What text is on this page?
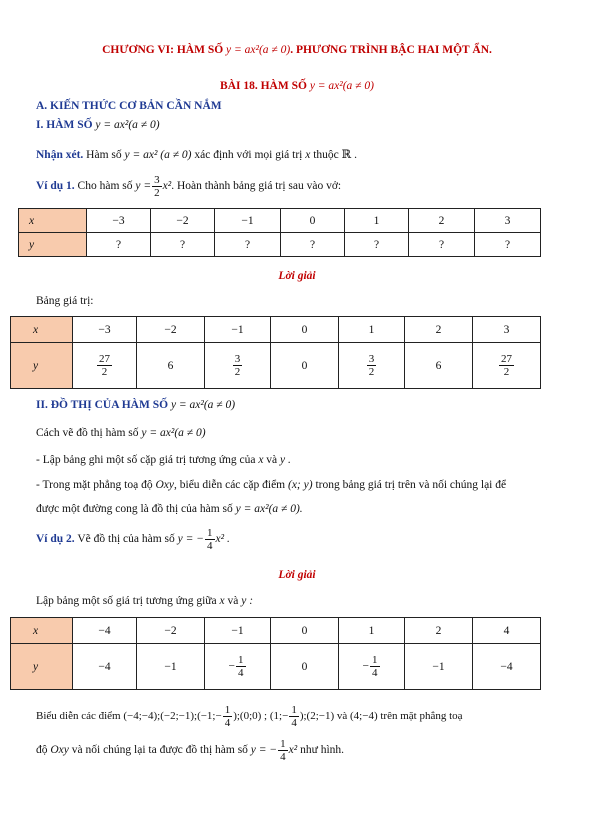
CHƯƠNG VI: HÀM SỐ y = ax²(a ≠ 0). PHƯƠNG TRÌNH BẬC HAI MỘT ẨN.
BÀI 18. HÀM SỐ y = ax²(a ≠ 0)
A. KIẾN THỨC CƠ BẢN CẦN NẮM
I. HÀM SỐ y = ax²(a ≠ 0)
Nhận xét. Hàm số y = ax² (a ≠ 0) xác định với mọi giá trị x thuộc ℝ .
Ví dụ 1. Cho hàm số $y = \frac{3}{2} x^2$. Hoàn thành bảng giá trị sau vào vở:
x	−3	−2	−1	0	1	2	3
y	?	?	?	?	?	?	?
Lời giải
Bảng giá trị:
x	−3	−2	−1	0	1	2	3
y	$\frac{27}{2}$	6	$\frac{3}{2}$	0	$\frac{3}{2}$	6	$\frac{27}{2}$
II. ĐỒ THỊ CỦA HÀM SỐ y = ax²(a ≠ 0)
Cách vẽ đồ thị hàm số y = ax²(a ≠ 0)
- Lập bảng ghi một số cặp giá trị tương ứng của x và y .
- Trong mặt phẳng toạ độ Oxy, biểu diễn các cặp điểm (x; y) trong bảng giá trị trên và nối chúng lại để
được một đường cong là đồ thị của hàm số y = ax²(a ≠ 0).
Ví dụ 2. Vẽ đồ thị của hàm số y = − $\frac{1}{4} x^2$ .
Lời giải
Lập bảng một số giá trị tương ứng giữa x và y :
x	−4	−2	−1	0	1	2	4
y	−4	−1	− $\frac{1}{4}$	0	− $\frac{1}{4}$	−1	−4
Biểu diễn các điểm (−4;−4);(−2;−1);(−1;− $\frac{1}{4}$ );(0;0) ; (1;− $\frac{1}{4}$ );(2;−1) và (4;−4) trên mặt phẳng toạ
độ Oxy và nối chúng lại ta được đồ thị hàm số y = − $\frac{1}{4} x^2$ như hình.
